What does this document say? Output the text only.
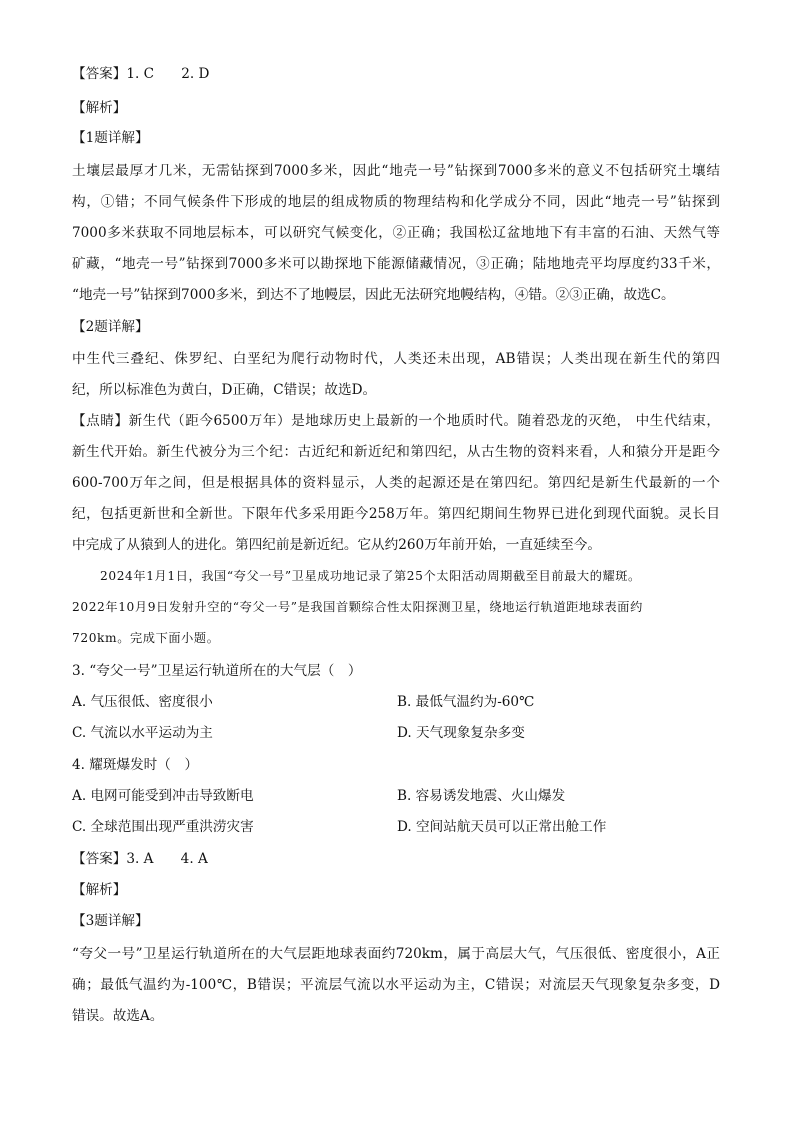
【答案】1. C　　2. D
【解析】
【1题详解】
土壤层最厚才几米，无需钻探到7000多米，因此“地壳一号”钻探到7000多米的意义不包括研究土壤结
构，①错；不同气候条件下形成的地层的组成物质的物理结构和化学成分不同，因此“地壳一号”钻探到
7000多米获取不同地层标本，可以研究气候变化，②正确；我国松辽盆地地下有丰富的石油、天然气等
矿藏，“地壳一号”钻探到7000多米可以勘探地下能源储藏情况，③正确；陆地地壳平均厚度约33千米，
“地壳一号”钻探到7000多米，到达不了地幔层，因此无法研究地幔结构，④错。②③正确，故选C。
【2题详解】
中生代三叠纪、侏罗纪、白垩纪为爬行动物时代，人类还未出现，AB错误；人类出现在新生代的第四
纪，所以标准色为黄白，D正确，C错误；故选D。
【点睛】新生代（距今6500万年）是地球历史上最新的一个地质时代。随着恐龙的灭绝， 中生代结束，
新生代开始。新生代被分为三个纪：古近纪和新近纪和第四纪，从古生物的资料来看，人和猿分开是距今
600-700万年之间，但是根据具体的资料显示，人类的起源还是在第四纪。第四纪是新生代最新的一个
纪，包括更新世和全新世。下限年代多采用距今258万年。第四纪期间生物界已进化到现代面貌。灵长目
中完成了从猿到人的进化。第四纪前是新近纪。它从约260万年前开始，一直延续至今。
2024年1月1日，我国“夸父一号”卫星成功地记录了第25个太阳活动周期截至目前最大的耀斑。
2022年10月9日发射升空的“夸父一号”是我国首颗综合性太阳探测卫星，绕地运行轨道距地球表面约
720km。完成下面小题。
3. “夸父一号”卫星运行轨道所在的大气层（　）
A. 气压很低、密度很小	B. 最低气温约为-60℃
C. 气流以水平运动为主	D. 天气现象复杂多变
4. 耀斑爆发时（　）
A. 电网可能受到冲击导致断电	B. 容易诱发地震、火山爆发
C. 全球范围出现严重洪涝灾害	D. 空间站航天员可以正常出舱工作
【答案】3. A　　4. A
【解析】
【3题详解】
“夸父一号”卫星运行轨道所在的大气层距地球表面约720km，属于高层大气，气压很低、密度很小，A正
确；最低气温约为-100℃，B错误；平流层气流以水平运动为主，C错误；对流层天气现象复杂多变，D
错误。故选A。
